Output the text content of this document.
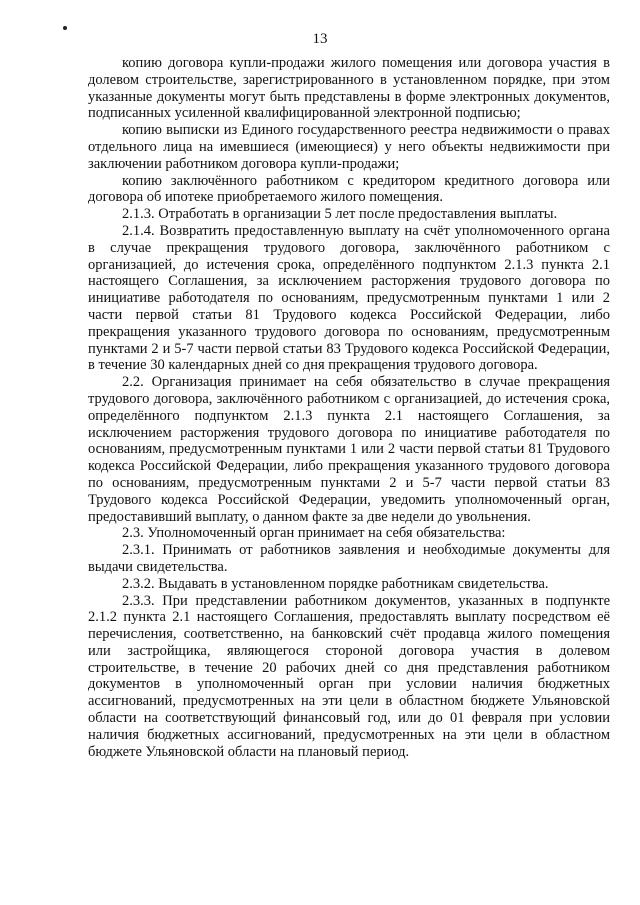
13

копию договора купли-продажи жилого помещения или договора участия в долевом строительстве, зарегистрированного в установленном порядке, при этом указанные документы могут быть представлены в форме электронных документов, подписанных усиленной квалифицированной электронной подписью;

копию выписки из Единого государственного реестра недвижимости о правах отдельного лица на имевшиеся (имеющиеся) у него объекты недвижимости при заключении работником договора купли-продажи;

копию заключённого работником с кредитором кредитного договора или договора об ипотеке приобретаемого жилого помещения.

2.1.3. Отработать в организации 5 лет после предоставления выплаты.

2.1.4. Возвратить предоставленную выплату на счёт уполномоченного органа в случае прекращения трудового договора, заключённого работником с организацией, до истечения срока, определённого подпунктом 2.1.3 пункта 2.1 настоящего Соглашения, за исключением расторжения трудового договора по инициативе работодателя по основаниям, предусмотренным пунктами 1 или 2 части первой статьи 81 Трудового кодекса Российской Федерации, либо прекращения указанного трудового договора по основаниям, предусмотренным пунктами 2 и 5-7 части первой статьи 83 Трудового кодекса Российской Федерации, в течение 30 календарных дней со дня прекращения трудового договора.

2.2. Организация принимает на себя обязательство в случае прекращения трудового договора, заключённого работником с организацией, до истечения срока, определённого подпунктом 2.1.3 пункта 2.1 настоящего Соглашения, за исключением расторжения трудового договора по инициативе работодателя по основаниям, предусмотренным пунктами 1 или 2 части первой статьи 81 Трудового кодекса Российской Федерации, либо прекращения указанного трудового договора по основаниям, предусмотренным пунктами 2 и 5-7 части первой статьи 83 Трудового кодекса Российской Федерации, уведомить уполномоченный орган, предоставивший выплату, о данном факте за две недели до увольнения.

2.3. Уполномоченный орган принимает на себя обязательства:

2.3.1. Принимать от работников заявления и необходимые документы для выдачи свидетельства.

2.3.2. Выдавать в установленном порядке работникам свидетельства.

2.3.3. При представлении работником документов, указанных в подпункте 2.1.2 пункта 2.1 настоящего Соглашения, предоставлять выплату посредством её перечисления, соответственно, на банковский счёт продавца жилого помещения или застройщика, являющегося стороной договора участия в долевом строительстве, в течение 20 рабочих дней со дня представления работником документов в уполномоченный орган при условии наличия бюджетных ассигнований, предусмотренных на эти цели в областном бюджете Ульяновской области на соответствующий финансовый год, или до 01 февраля при условии наличия бюджетных ассигнований, предусмотренных на эти цели в областном бюджете Ульяновской области на плановый период.
